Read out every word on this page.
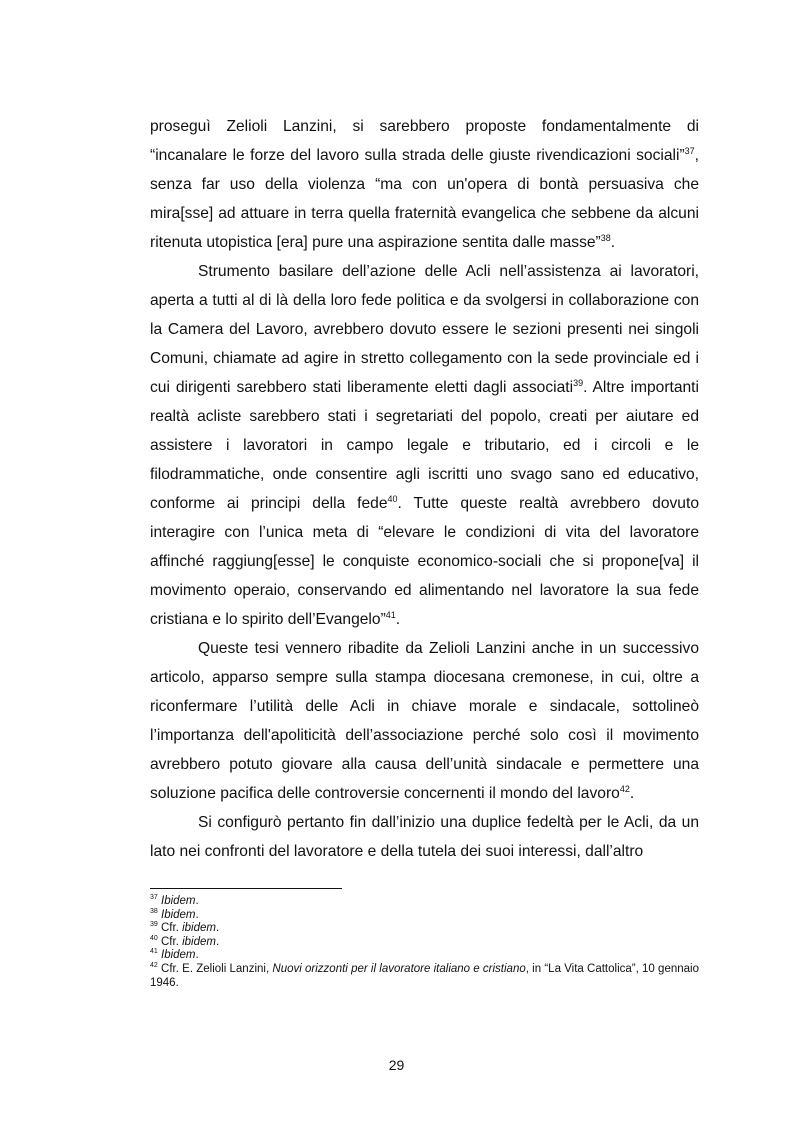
proseguì Zelioli Lanzini, si sarebbero proposte fondamentalmente di “incanalare le forze del lavoro sulla strada delle giuste rivendicazioni sociali”$^{37}$, senza far uso della violenza “ma con un'opera di bontà persuasiva che mira[sse] ad attuare in terra quella fraternità evangelica che sebbene da alcuni ritenuta utopistica [era] pure una aspirazione sentita dalle masse”$^{38}$.

Strumento basilare dell’azione delle Acli nell’assistenza ai lavoratori, aperta a tutti al di là della loro fede politica e da svolgersi in collaborazione con la Camera del Lavoro, avrebbero dovuto essere le sezioni presenti nei singoli Comuni, chiamate ad agire in stretto collegamento con la sede provinciale ed i cui dirigenti sarebbero stati liberamente eletti dagli associati$^{39}$. Altre importanti realtà acliste sarebbero stati i segretariati del popolo, creati per aiutare ed assistere i lavoratori in campo legale e tributario, ed i circoli e le filodrammatiche, onde consentire agli iscritti uno svago sano ed educativo, conforme ai principi della fede$^{40}$. Tutte queste realtà avrebbero dovuto interagire con l’unica meta di “elevare le condizioni di vita del lavoratore affinché raggiung[esse] le conquiste economico-sociali che si propone[va] il movimento operaio, conservando ed alimentando nel lavoratore la sua fede cristiana e lo spirito dell’Evangelo”$^{41}$.

Queste tesi vennero ribadite da Zelioli Lanzini anche in un successivo articolo, apparso sempre sulla stampa diocesana cremonese, in cui, oltre a riconfermare l’utilità delle Acli in chiave morale e sindacale, sottolineò l’importanza dell'apoliticità dell’associazione perché solo così il movimento avrebbero potuto giovare alla causa dell’unità sindacale e permettere una soluzione pacifica delle controversie concernenti il mondo del lavoro$^{42}$.

Si configurò pertanto fin dall’inizio una duplice fedeltà per le Acli, da un lato nei confronti del lavoratore e della tutela dei suoi interessi, dall’altro

$^{37}$ Ibidem.

$^{38}$ Ibidem.

$^{39}$ Cfr. ibidem.

$^{40}$ Cfr. ibidem.

$^{41}$ Ibidem.

$^{42}$ Cfr. E. Zelioli Lanzini, Nuovi orizzonti per il lavoratore italiano e cristiano, in “La Vita Cattolica”, 10 gennaio 1946.

29
